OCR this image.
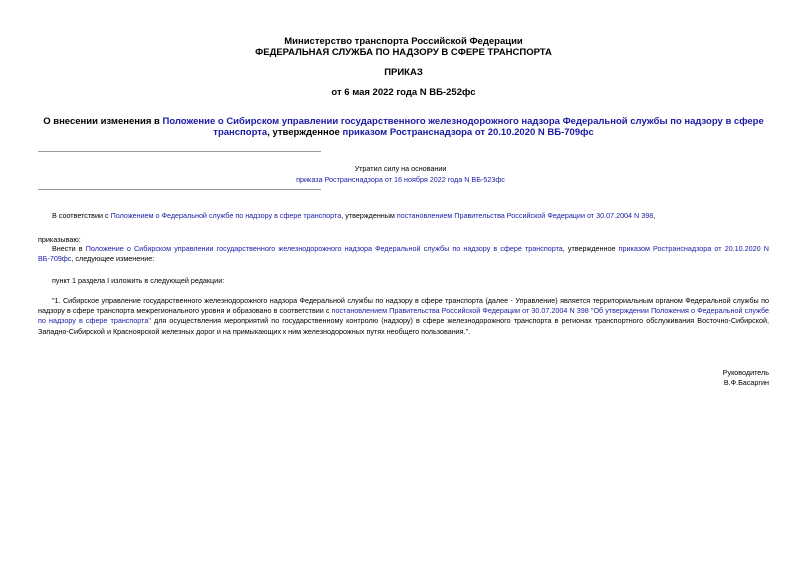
Министерство транспорта Российской Федерации
ФЕДЕРАЛЬНАЯ СЛУЖБА ПО НАДЗОРУ В СФЕРЕ ТРАНСПОРТА
ПРИКАЗ
от 6 мая 2022 года N ВБ-252фс
О внесении изменения в Положение о Сибирском управлении государственного железнодорожного надзора Федеральной службы по надзору в сфере транспорта, утвержденное приказом Ространснадзора от 20.10.2020 N ВБ-709фс
Утратил силу на основании
приказа Ространснадзора от 16 ноября 2022 года N ВБ-523фс
В соответствии с Положением о Федеральной службе по надзору в сфере транспорта, утвержденным постановлением Правительства Российской Федерации от 30.07.2004 N 398,
приказываю:
Внести в Положение о Сибирском управлении государственного железнодорожного надзора Федеральной службы по надзору в сфере транспорта, утвержденное приказом Ространснадзора от 20.10.2020 N ВБ-709фс, следующее изменение:
пункт 1 раздела I изложить в следующей редакции:
"1. Сибирское управление государственного железнодорожного надзора Федеральной службы по надзору в сфере транспорта (далее - Управление) является территориальным органом Федеральной службы по надзору в сфере транспорта межрегионального уровня и образовано в соответствии с постановлением Правительства Российской Федерации от 30.07.2004 N 398 "Об утверждении Положения о Федеральной службе по надзору в сфере транспорта" для осуществления мероприятий по государственному контролю (надзору) в сфере железнодорожного транспорта в регионах транспортного обслуживания Восточно-Сибирской, Западно-Сибирской и Красноярской железных дорог и на примыкающих к ним железнодорожных путях необщего пользования.".
Руководитель
В.Ф.Басаргин
